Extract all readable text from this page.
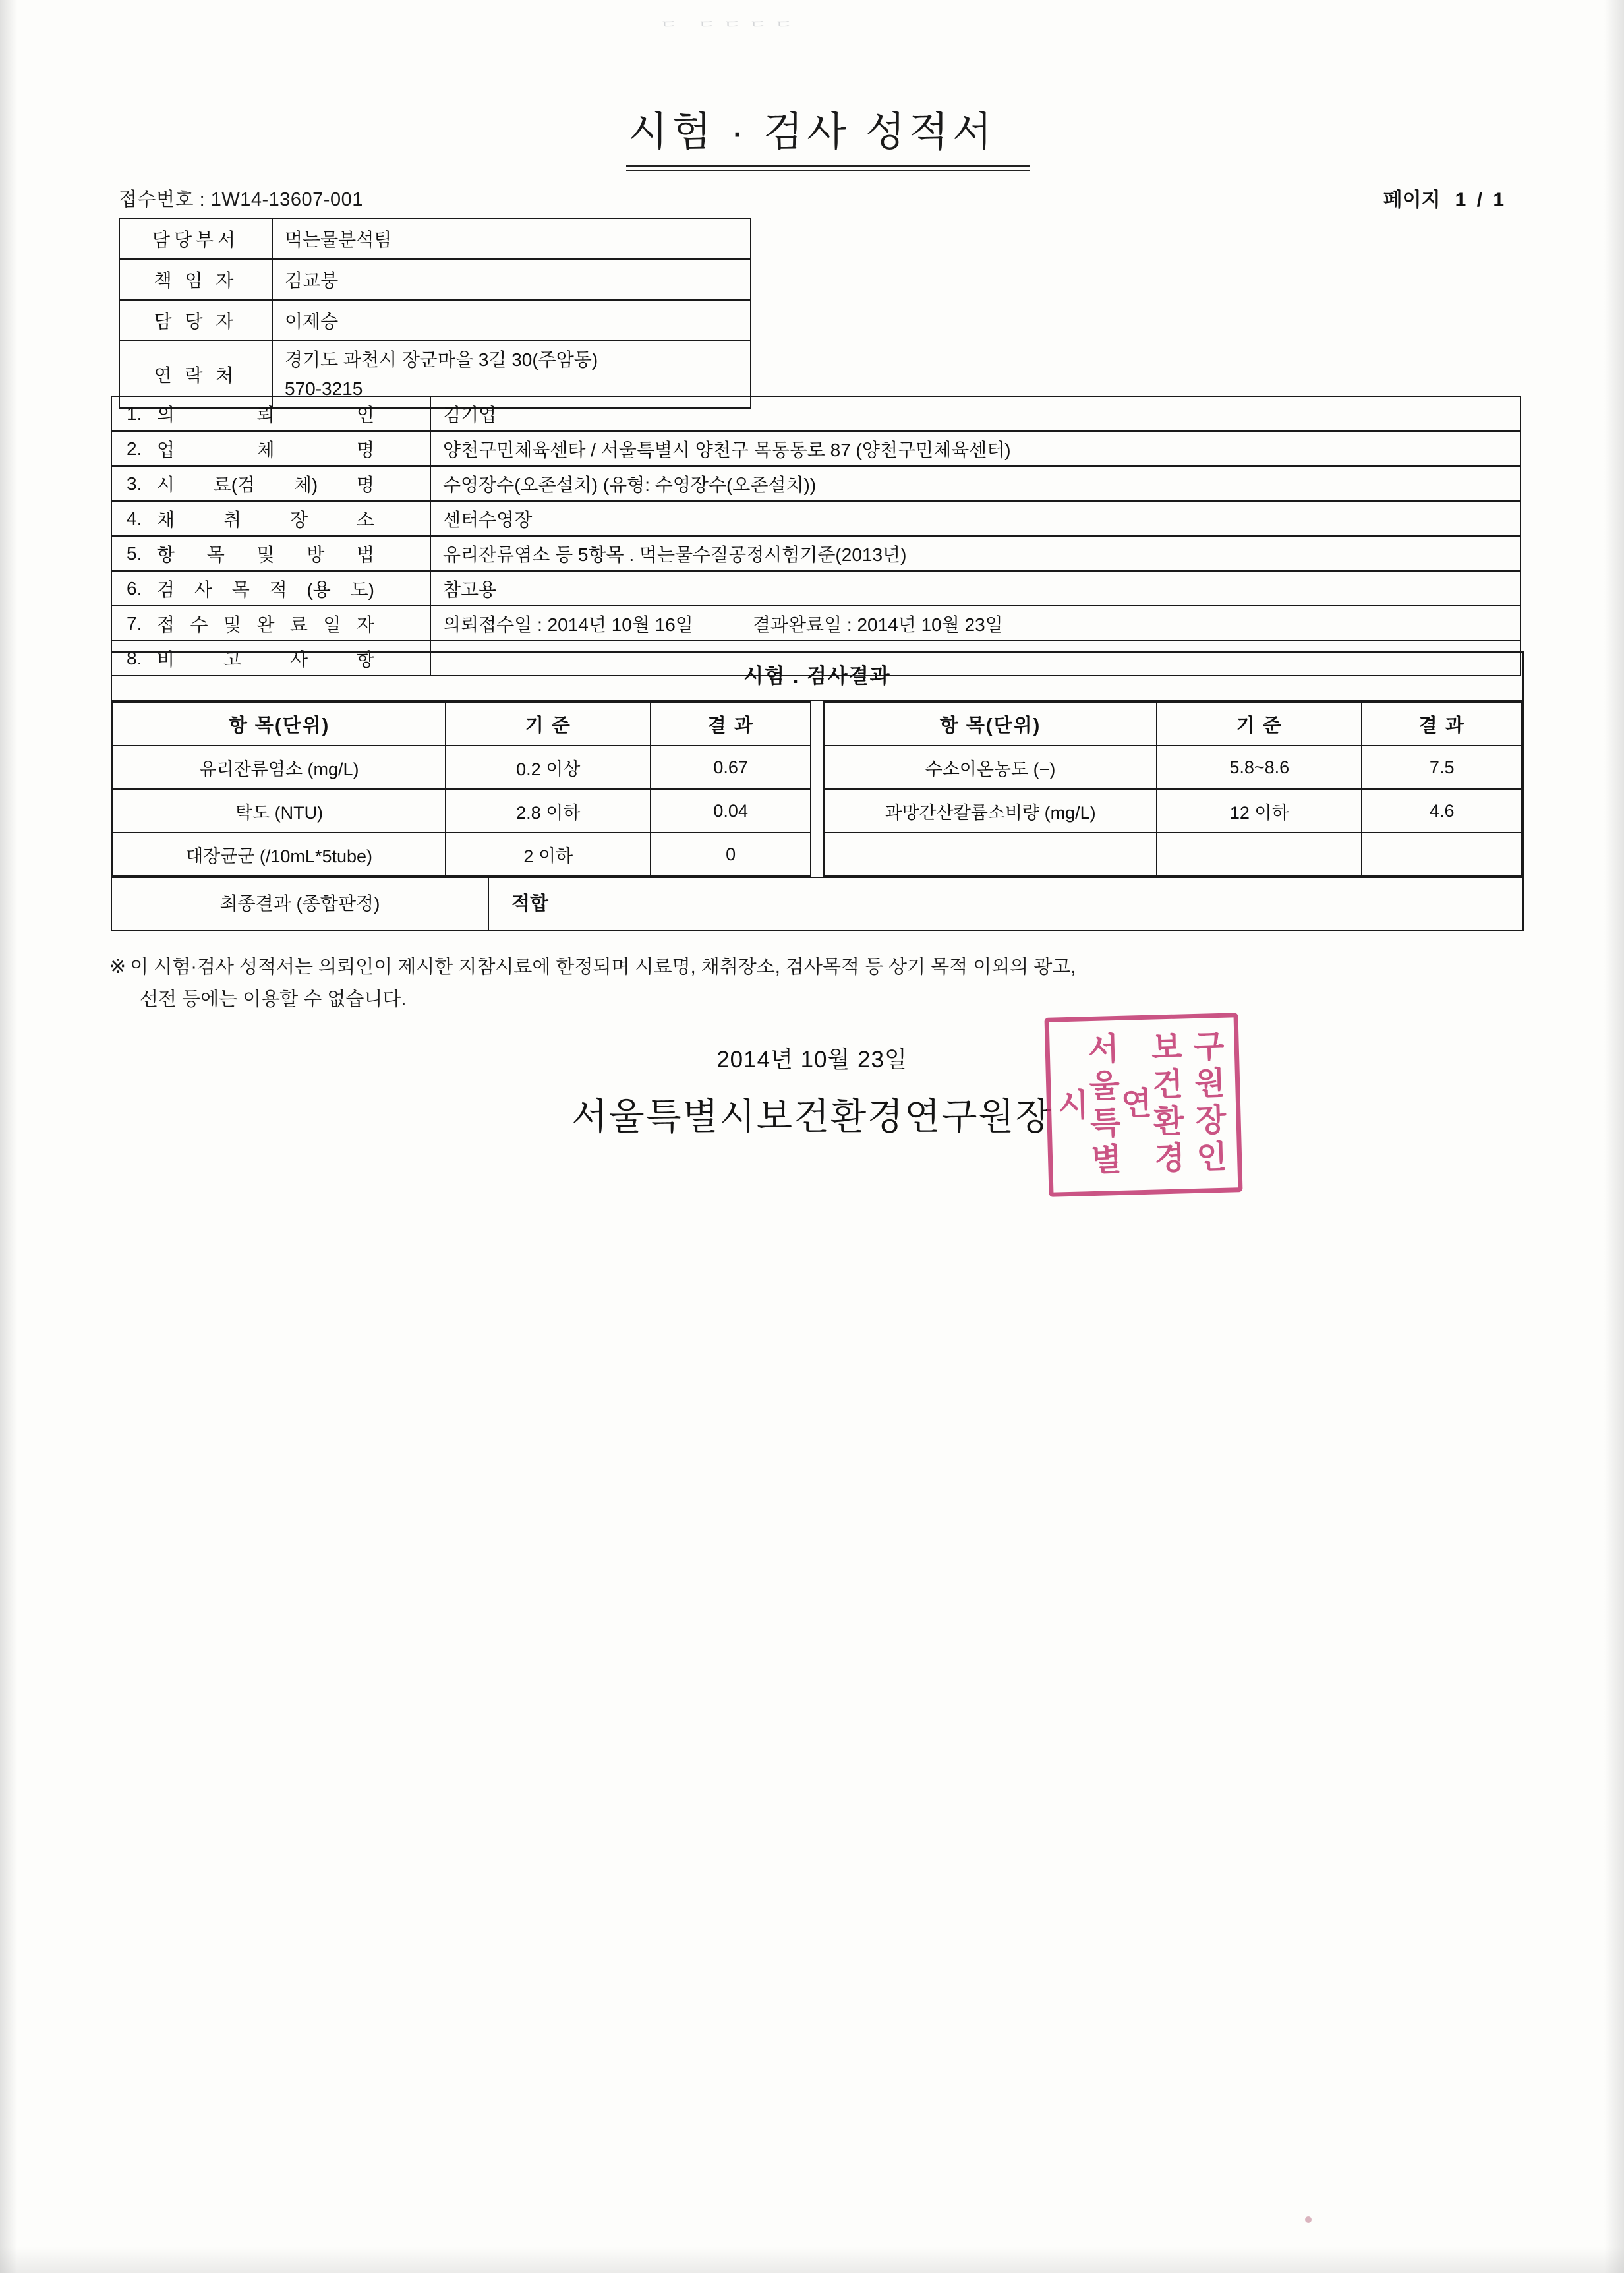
ᄃ ᄃᄃᄃᄃ
시험 · 검사 성적서
접수번호 : 1W14-13607-001	페이지 1 / 1
담당부서	먹는물분석팀
책 임 자	김교붕
담 당 자	이제승
연 락 처	경기도 과천시 장군마을 3길 30(주암동)
570-3215
1. 의 뢰 인	김기업

2. 업 체 명	양천구민체육센타 / 서울특별시 양천구 목동동로 87 (양천구민체육센터)

3. 시 료(검 체) 명	수영장수(오존설치) (유형: 수영장수(오존설치))

4. 채 취 장 소	센터수영장

5. 항 목 및 방 법	유리잔류염소 등 5항목 . 먹는물수질공정시험기준(2013년)

6. 검 사 목 적 (용 도)	참고용

7. 접 수 및 완 료 일 자	의뢰접수일 : 2014년 10월 16일	결과완료일 : 2014년 10월 23일

8. 비 고 사 항	

시험 . 검사결과
항 목(단위)	기 준	결 과		항 목(단위)	기 준	결 과
유리잔류염소 (mg/L)	0.2 이상	0.67		수소이온농도 (−)	5.8~8.6	7.5
탁도 (NTU)	2.8 이하	0.04		과망간산칼륨소비량 (mg/L)	12 이하	4.6
대장균군 (/10mL*5tube)	2 이하	0				
최종결과 (종합판정)	적합
※ 이 시험·검사 성적서는 의뢰인이 제시한 지참시료에 한정되며 시료명, 채취장소, 검사목적 등 상기 목적 이외의 광고,
선전 등에는 이용할 수 없습니다.
2014년 10월 23일
서울특별시보건환경연구원장 서울특별시	보건환경연	구원장인
